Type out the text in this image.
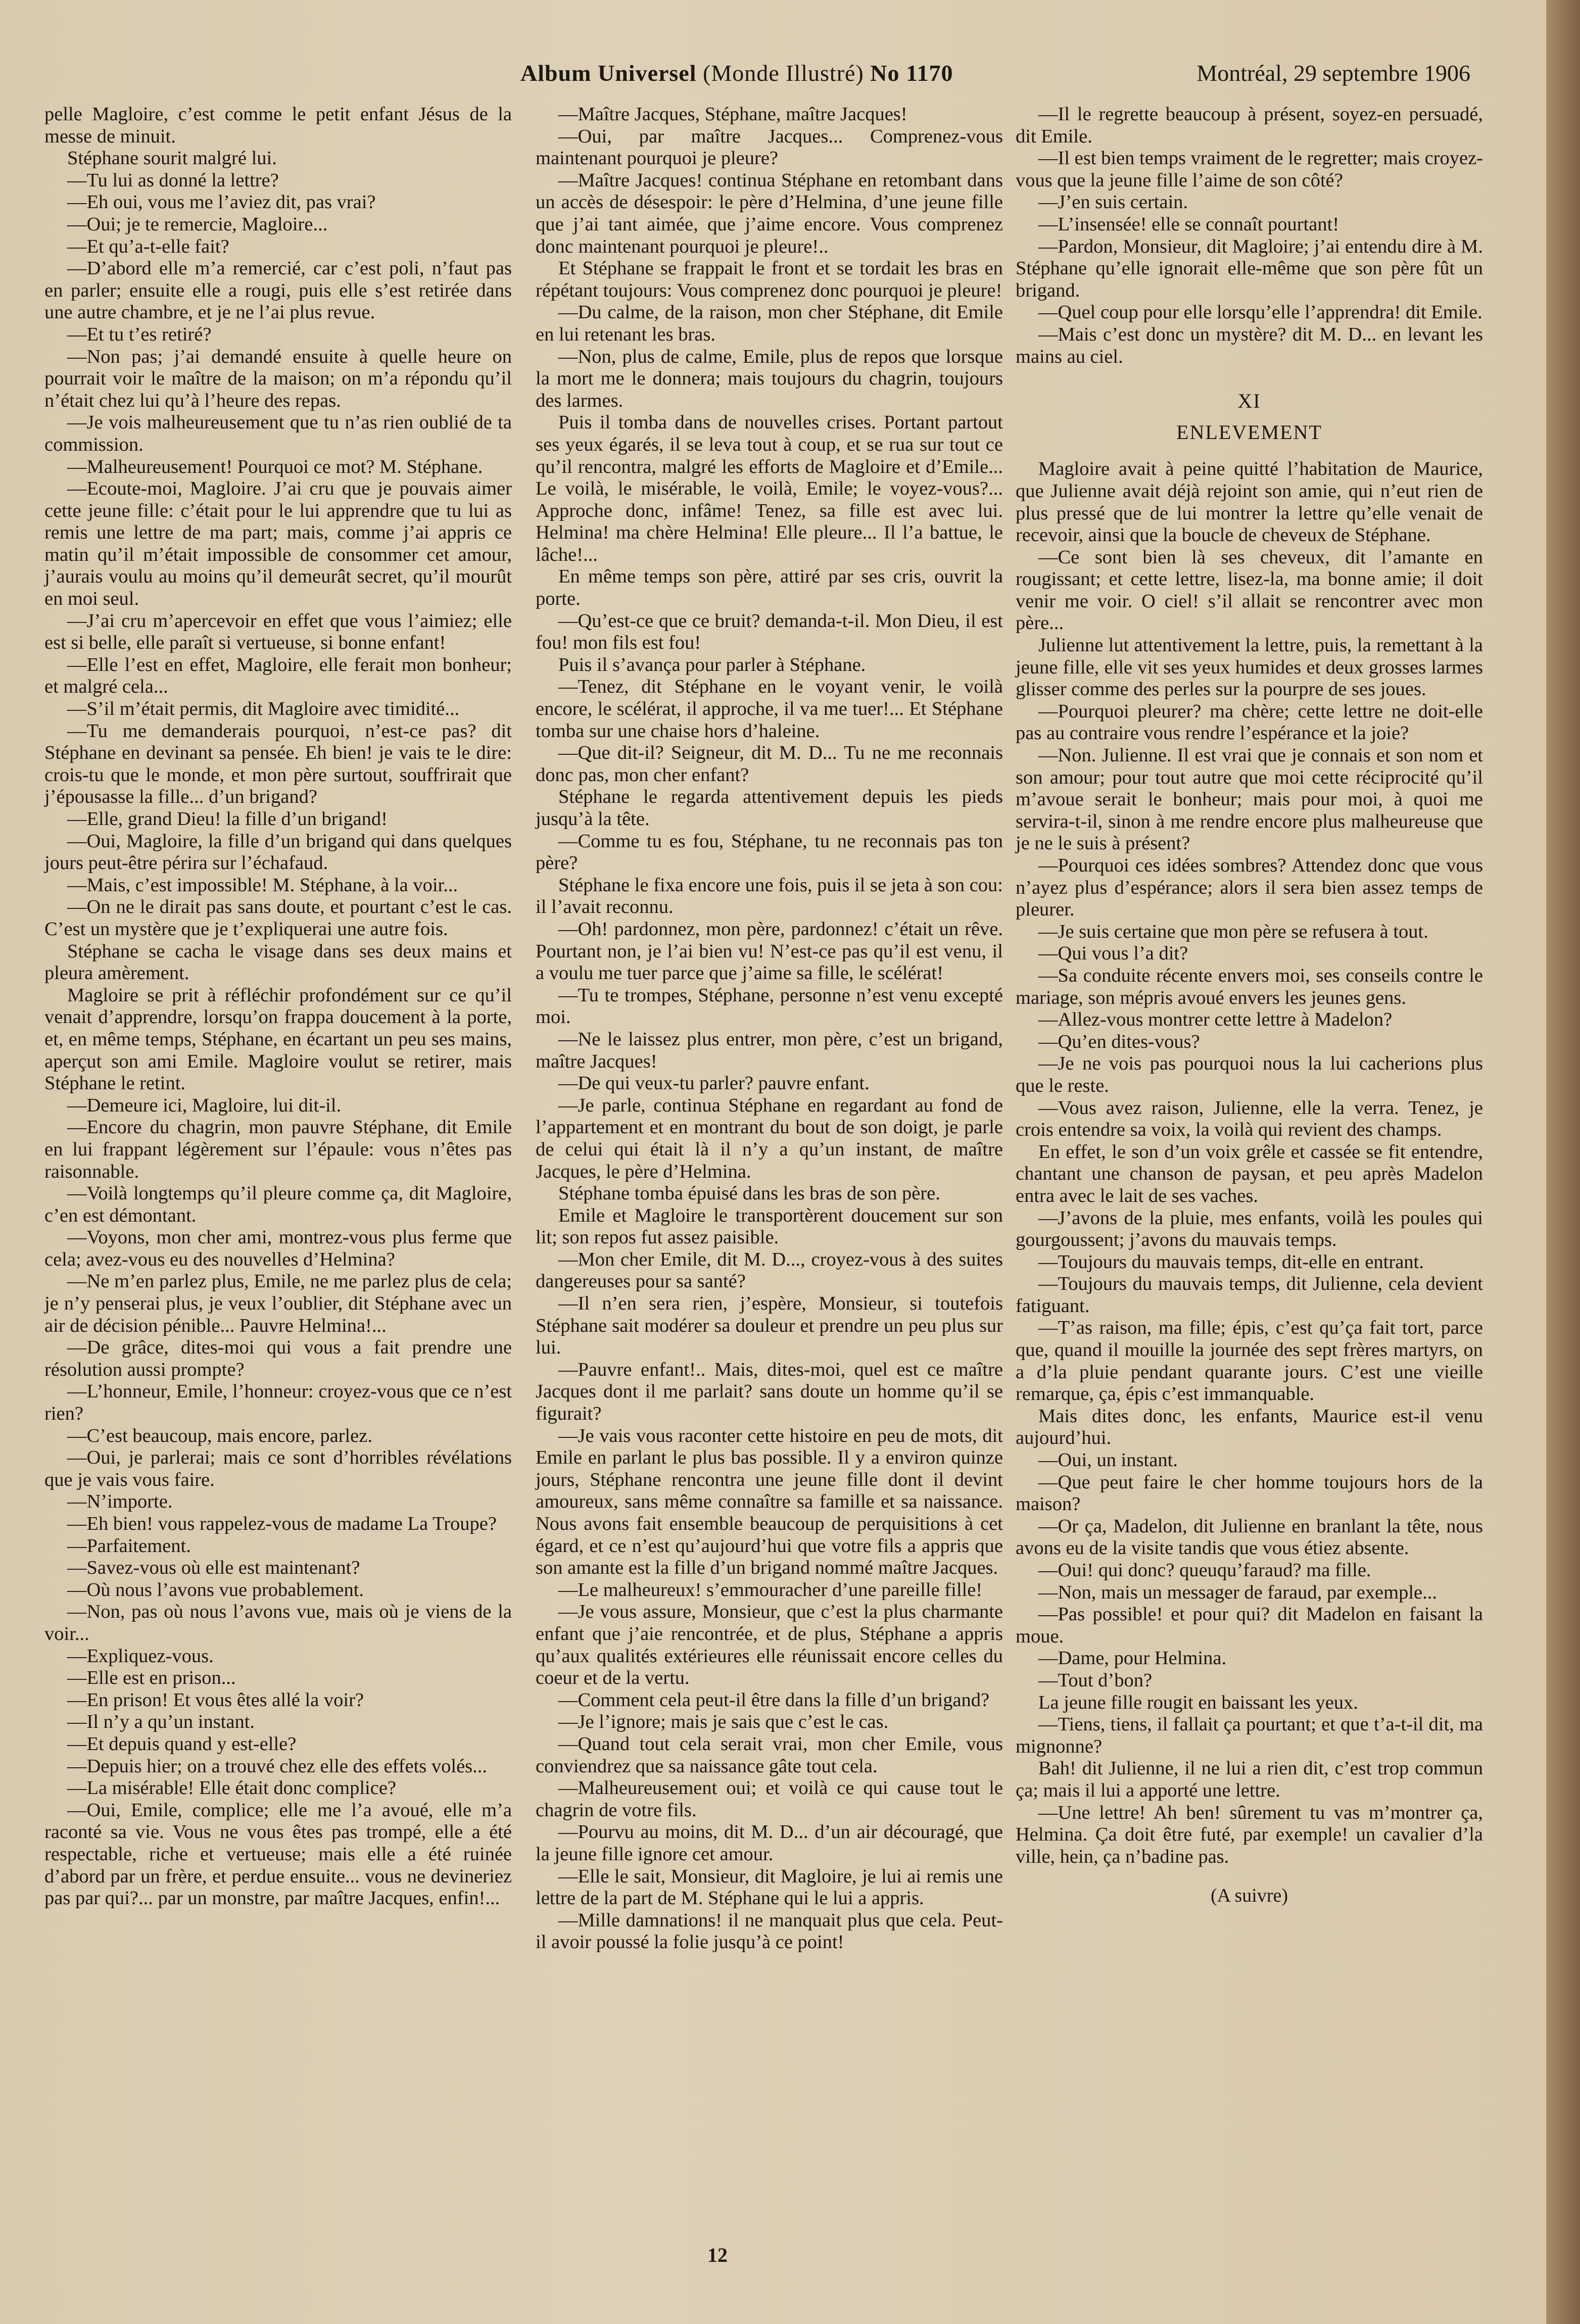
Album Universel (Monde Illustré) No 1170	Montréal, 29 septembre 1906

pelle Magloire, c’est comme le petit enfant Jésus de la messe de minuit.

Stéphane sourit malgré lui.

—Tu lui as donné la lettre?

—Eh oui, vous me l’aviez dit, pas vrai?

—Oui; je te remercie, Magloire...

—Et qu’a-t-elle fait?

—D’abord elle m’a remercié, car c’est poli, n’faut pas en parler; ensuite elle a rougi, puis elle s’est retirée dans une autre chambre, et je ne l’ai plus revue.

—Et tu t’es retiré?

—Non pas; j’ai demandé ensuite à quelle heure on pourrait voir le maître de la maison; on m’a répondu qu’il n’était chez lui qu’à l’heure des repas.

—Je vois malheureusement que tu n’as rien oublié de ta commission.

—Malheureusement! Pourquoi ce mot? M. Stéphane.

—Ecoute-moi, Magloire. J’ai cru que je pouvais aimer cette jeune fille: c’était pour le lui apprendre que tu lui as remis une lettre de ma part; mais, comme j’ai appris ce matin qu’il m’était impossible de consommer cet amour, j’aurais voulu au moins qu’il demeurât secret, qu’il mourût en moi seul.

—J’ai cru m’apercevoir en effet que vous l’aimiez; elle est si belle, elle paraît si vertueuse, si bonne enfant!

—Elle l’est en effet, Magloire, elle ferait mon bonheur; et malgré cela...

—S’il m’était permis, dit Magloire avec timidité...

—Tu me demanderais pourquoi, n’est-ce pas? dit Stéphane en devinant sa pensée. Eh bien! je vais te le dire: crois-tu que le monde, et mon père surtout, souffrirait que j’épousasse la fille... d’un brigand?

—Elle, grand Dieu! la fille d’un brigand!

—Oui, Magloire, la fille d’un brigand qui dans quelques jours peut-être périra sur l’échafaud.

—Mais, c’est impossible! M. Stéphane, à la voir...

—On ne le dirait pas sans doute, et pourtant c’est le cas. C’est un mystère que je t’expliquerai une autre fois.

Stéphane se cacha le visage dans ses deux mains et pleura amèrement.

Magloire se prit à réfléchir profondément sur ce qu’il venait d’apprendre, lorsqu’on frappa doucement à la porte, et, en même temps, Stéphane, en écartant un peu ses mains, aperçut son ami Emile. Magloire voulut se retirer, mais Stéphane le retint.

—Demeure ici, Magloire, lui dit-il.

—Encore du chagrin, mon pauvre Stéphane, dit Emile en lui frappant légèrement sur l’épaule: vous n’êtes pas raisonnable.

—Voilà longtemps qu’il pleure comme ça, dit Magloire, c’en est démontant.

—Voyons, mon cher ami, montrez-vous plus ferme que cela; avez-vous eu des nouvelles d’Helmina?

—Ne m’en parlez plus, Emile, ne me parlez plus de cela; je n’y penserai plus, je veux l’oublier, dit Stéphane avec un air de décision pénible... Pauvre Helmina!...

—De grâce, dites-moi qui vous a fait prendre une résolution aussi prompte?

—L’honneur, Emile, l’honneur: croyez-vous que ce n’est rien?

—C’est beaucoup, mais encore, parlez.

—Oui, je parlerai; mais ce sont d’horribles révélations que je vais vous faire.

—N’importe.

—Eh bien! vous rappelez-vous de madame La Troupe?

—Parfaitement.

—Savez-vous où elle est maintenant?

—Où nous l’avons vue probablement.

—Non, pas où nous l’avons vue, mais où je viens de la voir...

—Expliquez-vous.

—Elle est en prison...

—En prison! Et vous êtes allé la voir?

—Il n’y a qu’un instant.

—Et depuis quand y est-elle?

—Depuis hier; on a trouvé chez elle des effets volés...

—La misérable! Elle était donc complice?

—Oui, Emile, complice; elle me l’a avoué, elle m’a raconté sa vie. Vous ne vous êtes pas trompé, elle a été respectable, riche et vertueuse; mais elle a été ruinée d’abord par un frère, et perdue ensuite... vous ne devineriez pas par qui?... par un monstre, par maître Jacques, enfin!...

—Maître Jacques, Stéphane, maître Jacques!

—Oui, par maître Jacques... Comprenez-vous maintenant pourquoi je pleure?

—Maître Jacques! continua Stéphane en retombant dans un accès de désespoir: le père d’Helmina, d’une jeune fille que j’ai tant aimée, que j’aime encore. Vous comprenez donc maintenant pourquoi je pleure!..

Et Stéphane se frappait le front et se tordait les bras en répétant toujours: Vous comprenez donc pourquoi je pleure!

—Du calme, de la raison, mon cher Stéphane, dit Emile en lui retenant les bras.

—Non, plus de calme, Emile, plus de repos que lorsque la mort me le donnera; mais toujours du chagrin, toujours des larmes.

Puis il tomba dans de nouvelles crises. Portant partout ses yeux égarés, il se leva tout à coup, et se rua sur tout ce qu’il rencontra, malgré les efforts de Magloire et d’Emile... Le voilà, le misérable, le voilà, Emile; le voyez-vous?... Approche donc, infâme! Tenez, sa fille est avec lui. Helmina! ma chère Helmina! Elle pleure... Il l’a battue, le lâche!...

En même temps son père, attiré par ses cris, ouvrit la porte.

—Qu’est-ce que ce bruit? demanda-t-il. Mon Dieu, il est fou! mon fils est fou!

Puis il s’avança pour parler à Stéphane.

—Tenez, dit Stéphane en le voyant venir, le voilà encore, le scélérat, il approche, il va me tuer!... Et Stéphane tomba sur une chaise hors d’haleine.

—Que dit-il? Seigneur, dit M. D... Tu ne me reconnais donc pas, mon cher enfant?

Stéphane le regarda attentivement depuis les pieds jusqu’à la tête.

—Comme tu es fou, Stéphane, tu ne reconnais pas ton père?

Stéphane le fixa encore une fois, puis il se jeta à son cou: il l’avait reconnu.

—Oh! pardonnez, mon père, pardonnez! c’était un rêve. Pourtant non, je l’ai bien vu! N’est-ce pas qu’il est venu, il a voulu me tuer parce que j’aime sa fille, le scélérat!

—Tu te trompes, Stéphane, personne n’est venu excepté moi.

—Ne le laissez plus entrer, mon père, c’est un brigand, maître Jacques!

—De qui veux-tu parler? pauvre enfant.

—Je parle, continua Stéphane en regardant au fond de l’appartement et en montrant du bout de son doigt, je parle de celui qui était là il n’y a qu’un instant, de maître Jacques, le père d’Helmina.

Stéphane tomba épuisé dans les bras de son père.

Emile et Magloire le transportèrent doucement sur son lit; son repos fut assez paisible.

—Mon cher Emile, dit M. D..., croyez-vous à des suites dangereuses pour sa santé?

—Il n’en sera rien, j’espère, Monsieur, si toutefois Stéphane sait modérer sa douleur et prendre un peu plus sur lui.

—Pauvre enfant!.. Mais, dites-moi, quel est ce maître Jacques dont il me parlait? sans doute un homme qu’il se figurait?

—Je vais vous raconter cette histoire en peu de mots, dit Emile en parlant le plus bas possible. Il y a environ quinze jours, Stéphane rencontra une jeune fille dont il devint amoureux, sans même connaître sa famille et sa naissance. Nous avons fait ensemble beaucoup de perquisitions à cet égard, et ce n’est qu’aujourd’hui que votre fils a appris que son amante est la fille d’un brigand nommé maître Jacques.

—Le malheureux! s’emmouracher d’une pareille fille!

—Je vous assure, Monsieur, que c’est la plus charmante enfant que j’aie rencontrée, et de plus, Stéphane a appris qu’aux qualités extérieures elle réunissait encore celles du coeur et de la vertu.

—Comment cela peut-il être dans la fille d’un brigand?

—Je l’ignore; mais je sais que c’est le cas.

—Quand tout cela serait vrai, mon cher Emile, vous conviendrez que sa naissance gâte tout cela.

—Malheureusement oui; et voilà ce qui cause tout le chagrin de votre fils.

—Pourvu au moins, dit M. D... d’un air découragé, que la jeune fille ignore cet amour.

—Elle le sait, Monsieur, dit Magloire, je lui ai remis une lettre de la part de M. Stéphane qui le lui a appris.

—Mille damnations! il ne manquait plus que cela. Peut-il avoir poussé la folie jusqu’à ce point!

—Il le regrette beaucoup à présent, soyez-en persuadé, dit Emile.

—Il est bien temps vraiment de le regretter; mais croyez-vous que la jeune fille l’aime de son côté?

—J’en suis certain.

—L’insensée! elle se connaît pourtant!

—Pardon, Monsieur, dit Magloire; j’ai entendu dire à M. Stéphane qu’elle ignorait elle-même que son père fût un brigand.

—Quel coup pour elle lorsqu’elle l’apprendra! dit Emile.

—Mais c’est donc un mystère? dit M. D... en levant les mains au ciel.

XI

ENLEVEMENT

Magloire avait à peine quitté l’habitation de Maurice, que Julienne avait déjà rejoint son amie, qui n’eut rien de plus pressé que de lui montrer la lettre qu’elle venait de recevoir, ainsi que la boucle de cheveux de Stéphane.

—Ce sont bien là ses cheveux, dit l’amante en rougissant; et cette lettre, lisez-la, ma bonne amie; il doit venir me voir. O ciel! s’il allait se rencontrer avec mon père...

Julienne lut attentivement la lettre, puis, la remettant à la jeune fille, elle vit ses yeux humides et deux grosses larmes glisser comme des perles sur la pourpre de ses joues.

—Pourquoi pleurer? ma chère; cette lettre ne doit-elle pas au contraire vous rendre l’espérance et la joie?

—Non. Julienne. Il est vrai que je connais et son nom et son amour; pour tout autre que moi cette réciprocité qu’il m’avoue serait le bonheur; mais pour moi, à quoi me servira-t-il, sinon à me rendre encore plus malheureuse que je ne le suis à présent?

—Pourquoi ces idées sombres? Attendez donc que vous n’ayez plus d’espérance; alors il sera bien assez temps de pleurer.

—Je suis certaine que mon père se refusera à tout.

—Qui vous l’a dit?

—Sa conduite récente envers moi, ses conseils contre le mariage, son mépris avoué envers les jeunes gens.

—Allez-vous montrer cette lettre à Madelon?

—Qu’en dites-vous?

—Je ne vois pas pourquoi nous la lui cacherions plus que le reste.

—Vous avez raison, Julienne, elle la verra. Tenez, je crois entendre sa voix, la voilà qui revient des champs.

En effet, le son d’un voix grêle et cassée se fit entendre, chantant une chanson de paysan, et peu après Madelon entra avec le lait de ses vaches.

—J’avons de la pluie, mes enfants, voilà les poules qui gourgoussent; j’avons du mauvais temps.

—Toujours du mauvais temps, dit-elle en entrant.

—Toujours du mauvais temps, dit Julienne, cela devient fatiguant.

—T’as raison, ma fille; épis, c’est qu’ça fait tort, parce que, quand il mouille la journée des sept frères martyrs, on a d’la pluie pendant quarante jours. C’est une vieille remarque, ça, épis c’est immanquable.

Mais dites donc, les enfants, Maurice est-il venu aujourd’hui.

—Oui, un instant.

—Que peut faire le cher homme toujours hors de la maison?

—Or ça, Madelon, dit Julienne en branlant la tête, nous avons eu de la visite tandis que vous étiez absente.

—Oui! qui donc? queuqu’faraud? ma fille.

—Non, mais un messager de faraud, par exemple...

—Pas possible! et pour qui? dit Madelon en faisant la moue.

—Dame, pour Helmina.

—Tout d’bon?

La jeune fille rougit en baissant les yeux.

—Tiens, tiens, il fallait ça pourtant; et que t’a-t-il dit, ma mignonne?

Bah! dit Julienne, il ne lui a rien dit, c’est trop commun ça; mais il lui a apporté une lettre.

—Une lettre! Ah ben! sûrement tu vas m’montrer ça, Helmina. Ça doit être futé, par exemple! un cavalier d’la ville, hein, ça n’badine pas.

(A suivre)

12
